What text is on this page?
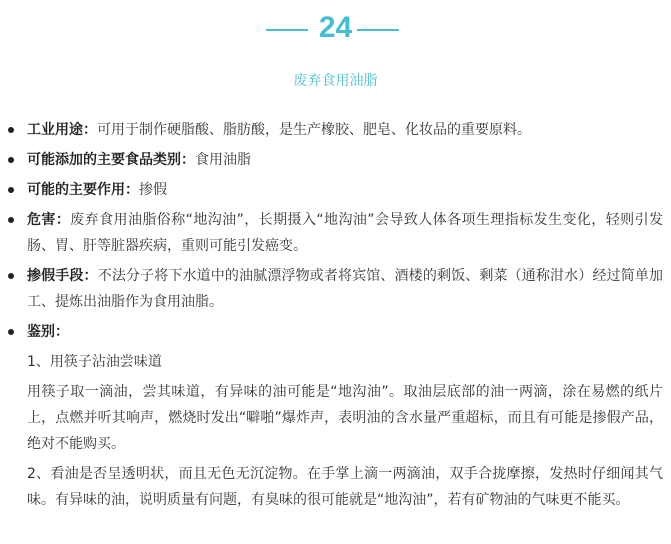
24
废弃食用油脂
工业用途：可用于制作硬脂酸、脂肪酸，是生产橡胶、肥皂、化妆品的重要原料。
可能添加的主要食品类别：食用油脂
可能的主要作用：掺假
危害：废弃食用油脂俗称“地沟油”，长期摄入“地沟油”会导致人体各项生理指标发生变化，轻则引发肠、胃、肝等脏器疾病，重则可能引发癌变。
掺假手段：不法分子将下水道中的油腻漂浮物或者将宾馆、酒楼的剩饭、剩菜（通称泔水）经过简单加工、提炼出油脂作为食用油脂。
鉴别：
1、用筷子沾油尝味道
用筷子取一滴油，尝其味道，有异味的油可能是“地沟油”。取油层底部的油一两滴，涂在易燃的纸片上，点燃并听其响声，燃烧时发出“噼啪”爆炸声，表明油的含水量严重超标，而且有可能是掺假产品，绝对不能购买。
2、看油是否呈透明状，而且无色无沉淀物。在手掌上滴一两滴油，双手合拢摩擦，发热时仔细闻其气味。有异味的油，说明质量有问题，有臭味的很可能就是“地沟油”，若有矿物油的气味更不能买。
